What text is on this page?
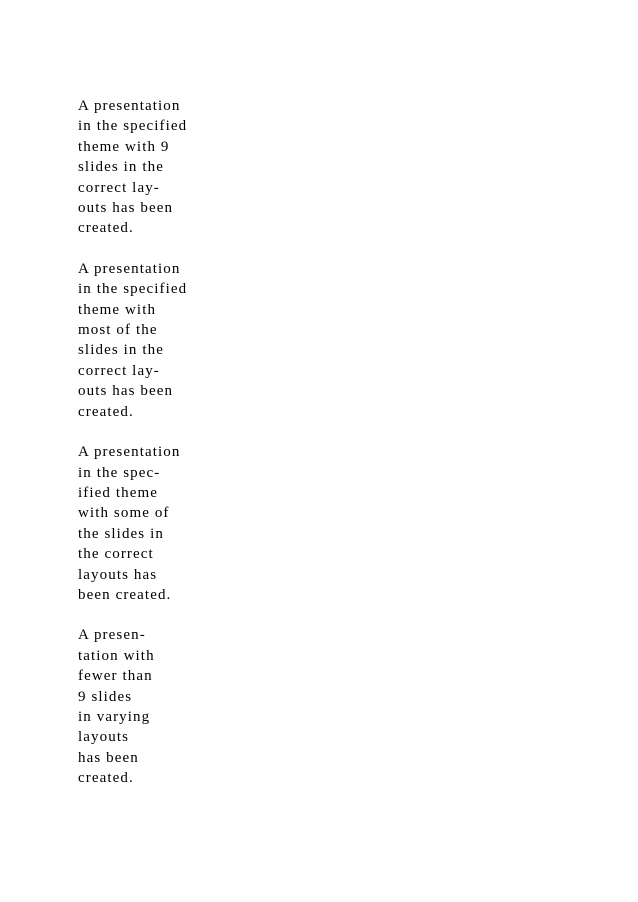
A presentation
in the specified
theme with 9
slides in the
correct lay-
outs has been
created.
A presentation
in the specified
theme with
most of the
slides in the
correct lay-
outs has been
created.
A presentation
in the spec-
ified theme
with some of
the slides in
the correct
layouts has
been created.
A presen-
tation with
fewer than
9 slides
in varying
layouts
has been
created.
